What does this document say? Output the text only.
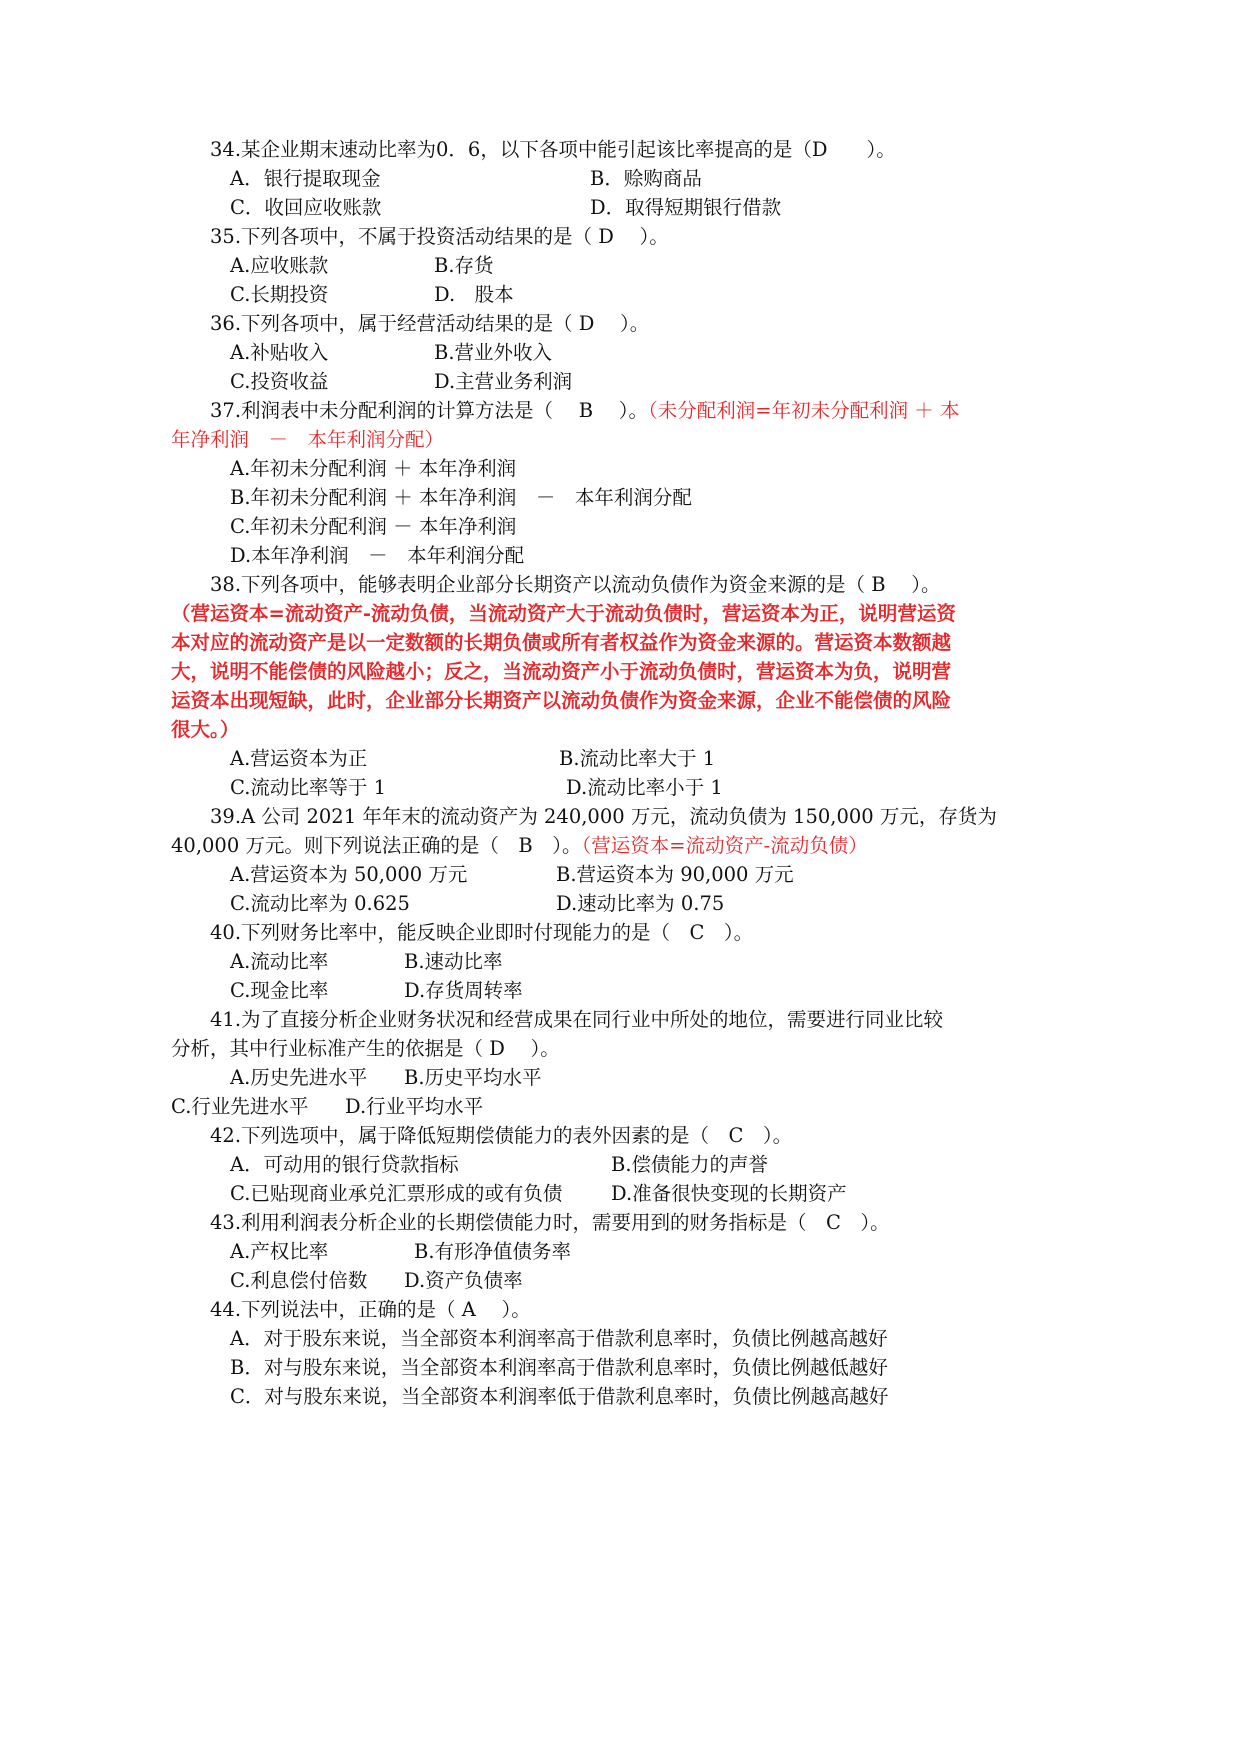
34.某企业期末速动比率为0．6，以下各项中能引起该比率提高的是（D　　）。
A．银行提取现金	B．赊购商品
C．收回应收账款	D．取得短期银行借款
35.下列各项中，不属于投资活动结果的是（ D　 ）。
A.应收账款	B.存货
C.长期投资	D.　股本
36.下列各项中，属于经营活动结果的是（ D　 ）。
A.补贴收入	B.营业外收入
C.投资收益	D.主营业务利润
37.利润表中未分配利润的计算方法是（　 B　 ）。（未分配利润=年初未分配利润 ＋ 本
年净利润　－　本年利润分配）
A.年初未分配利润 ＋ 本年净利润
B.年初未分配利润 ＋ 本年净利润　－　本年利润分配
C.年初未分配利润 － 本年净利润
D.本年净利润　－　本年利润分配
38.下列各项中，能够表明企业部分长期资产以流动负债作为资金来源的是（ B　 ）。
（营运资本=流动资产-流动负债，当流动资产大于流动负债时，营运资本为正，说明营运资
本对应的流动资产是以一定数额的长期负债或所有者权益作为资金来源的。营运资本数额越
大，说明不能偿债的风险越小；反之，当流动资产小于流动负债时，营运资本为负，说明营
运资本出现短缺，此时，企业部分长期资产以流动负债作为资金来源，企业不能偿债的风险
很大。）
A.营运资本为正	B.流动比率大于 1
C.流动比率等于 1	D.流动比率小于 1
39.A 公司 2021 年年末的流动资产为 240,000 万元，流动负债为 150,000 万元，存货为
40,000 万元。则下列说法正确的是（　B　）。（营运资本=流动资产-流动负债）
A.营运资本为 50,000 万元	B.营运资本为 90,000 万元
C.流动比率为 0.625	D.速动比率为 0.75
40.下列财务比率中，能反映企业即时付现能力的是（　C　）。
A.流动比率	B.速动比率
C.现金比率	D.存货周转率
41.为了直接分析企业财务状况和经营成果在同行业中所处的地位，需要进行同业比较
分析，其中行业标准产生的依据是（ D　 ）。
A.历史先进水平 B.历史平均水平
C.行业先进水平 D.行业平均水平
42.下列选项中，属于降低短期偿债能力的表外因素的是（　C　）。
A．可动用的银行贷款指标	B.偿债能力的声誉
C.已贴现商业承兑汇票形成的或有负债 D.准备很快变现的长期资产
43.利用利润表分析企业的长期偿债能力时，需要用到的财务指标是（　C　）。
A.产权比率	B.有形净值债务率
C.利息偿付倍数 D.资产负债率
44.下列说法中，正确的是（ A　 ）。
A．对于股东来说，当全部资本利润率高于借款利息率时，负债比例越高越好
B．对与股东来说，当全部资本利润率高于借款利息率时，负债比例越低越好
C．对与股东来说，当全部资本利润率低于借款利息率时，负债比例越高越好
